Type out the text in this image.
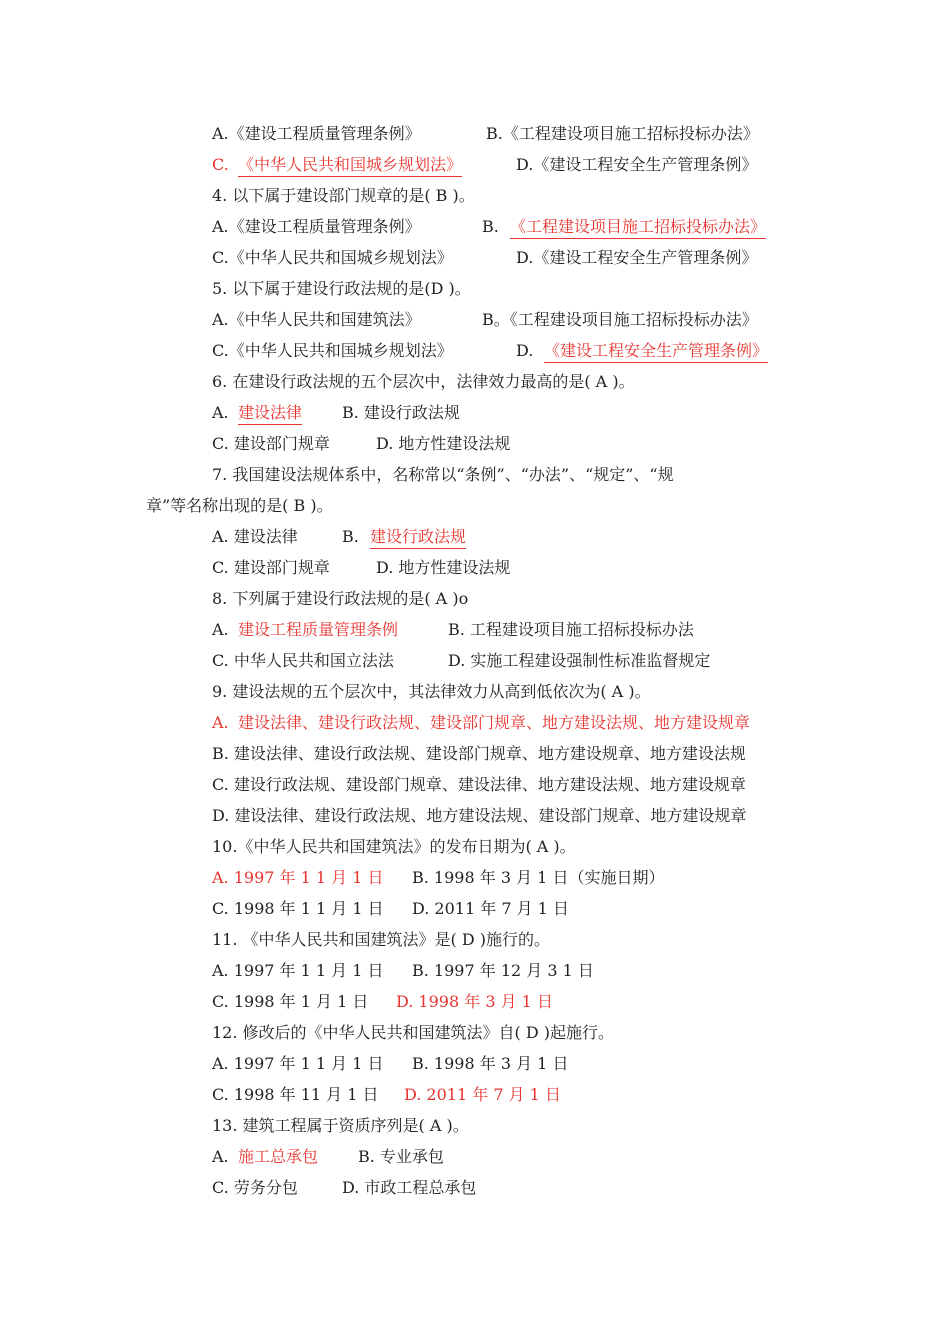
A.《建设工程质量管理条例》	B.《工程建设项目施工招标投标办法》
C. 《中华人民共和国城乡规划法》	D.《建设工程安全生产管理条例》
4. 以下属于建设部门规章的是( B )。
A.《建设工程质量管理条例》	B. 《工程建设项目施工招标投标办法》
C.《中华人民共和国城乡规划法》	D.《建设工程安全生产管理条例》
5. 以下属于建设行政法规的是(D )。
A.《中华人民共和国建筑法》	B。《工程建设项目施工招标投标办法》
C.《中华人民共和国城乡规划法》	D. 《建设工程安全生产管理条例》
6. 在建设行政法规的五个层次中，法律效力最高的是( A )。
A. 建设法律 B. 建设行政法规
C. 建设部门规章	D. 地方性建设法规
7. 我国建设法规体系中，名称常以“条例”、“办法”、“规定”、“规
章”等名称出现的是( B )。
A. 建设法律	B. 建设行政法规
C. 建设部门规章	D. 地方性建设法规
8. 下列属于建设行政法规的是( A )o
A. 建设工程质量管理条例	B. 工程建设项目施工招标投标办法
C. 中华人民共和国立法法	D. 实施工程建设强制性标准监督规定
9. 建设法规的五个层次中，其法律效力从高到低依次为( A )。
A. 建设法律、建设行政法规、建设部门规章、地方建设法规、地方建设规章
B. 建设法律、建设行政法规、建设部门规章、地方建设规章、地方建设法规
C. 建设行政法规、建设部门规章、建设法律、地方建设法规、地方建设规章
D. 建设法律、建设行政法规、地方建设法规、建设部门规章、地方建设规章
10.《中华人民共和国建筑法》的发布日期为( A )。
A. 1997 年 1 1 月 1 日 B. 1998 年 3 月 1 日（实施日期）
C. 1998 年 1 1 月 1 日 D. 2011 年 7 月 1 日
11. 《中华人民共和国建筑法》是( D )施行的。
A. 1997 年 1 1 月 1 日 B. 1997 年 12 月 3 1 日
C. 1998 年 1 月 1 日 D. 1998 年 3 月 1 日
12. 修改后的《中华人民共和国建筑法》自( D )起施行。
A. 1997 年 1 1 月 1 日 B. 1998 年 3 月 1 日
C. 1998 年 11 月 1 日 D. 2011 年 7 月 1 日
13. 建筑工程属于资质序列是( A )。
A. 施工总承包 B. 专业承包
C. 劳务分包	D. 市政工程总承包
